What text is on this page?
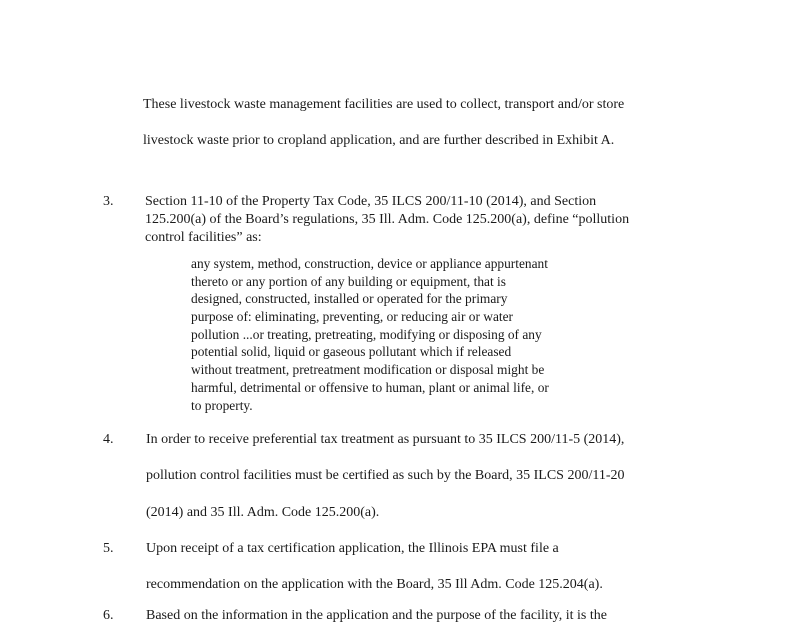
These livestock waste management facilities are used to collect, transport and/or store
livestock waste prior to cropland application, and are further described in Exhibit A.
3. Section 11-10 of the Property Tax Code, 35 ILCS 200/11-10 (2014), and Section
125.200(a) of the Board’s regulations, 35 Ill. Adm. Code 125.200(a), define “pollution
control facilities” as:
any system, method, construction, device or appliance appurtenant
thereto or any portion of any building or equipment, that is
designed, constructed, installed or operated for the primary
purpose of: eliminating, preventing, or reducing air or water
pollution ...or treating, pretreating, modifying or disposing of any
potential solid, liquid or gaseous pollutant which if released
without treatment, pretreatment modification or disposal might be
harmful, detrimental or offensive to human, plant or animal life, or
to property.
4. In order to receive preferential tax treatment as pursuant to 35 ILCS 200/11-5 (2014),
pollution control facilities must be certified as such by the Board, 35 ILCS 200/11-20
(2014) and 35 Ill. Adm. Code 125.200(a).
5. Upon receipt of a tax certification application, the Illinois EPA must file a
recommendation on the application with the Board, 35 Ill Adm. Code 125.204(a).
6. Based on the information in the application and the purpose of the facility, it is the
